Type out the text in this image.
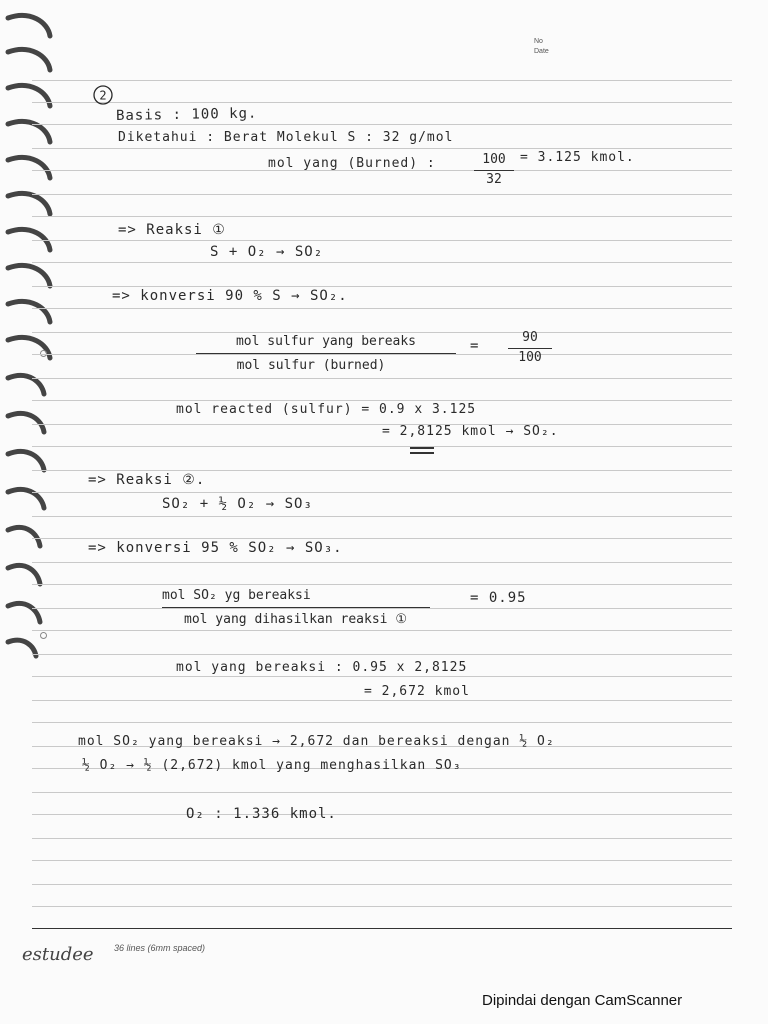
No
Date
2
Basis : 100 kg.
Diketahui : Berat Molekul S : 32 g/mol
mol yang (Burned) :	100
32
= 3.125 kmol.
=> Reaksi ①
S + O₂ → SO₂
=> konversi 90 % S → SO₂.
mol sulfur yang bereaks
mol sulfur (burned)
=
90
100
mol reacted (sulfur) = 0.9 x 3.125
= 2,8125 kmol → SO₂.
=> Reaksi ②.
SO₂ + ½ O₂ → SO₃
=> konversi 95 % SO₂ → SO₃.
mol SO₂ yg bereaksi
mol yang dihasilkan reaksi ①
= 0.95
mol yang bereaksi : 0.95 x 2,8125
= 2,672 kmol
mol SO₂ yang bereaksi → 2,672 dan bereaksi dengan ½ O₂
½ O₂ → ½ (2,672) kmol yang menghasilkan SO₃
O₂ : 1.336 kmol.
estudee 36 lines (6mm spaced)
Dipindai dengan CamScanner
